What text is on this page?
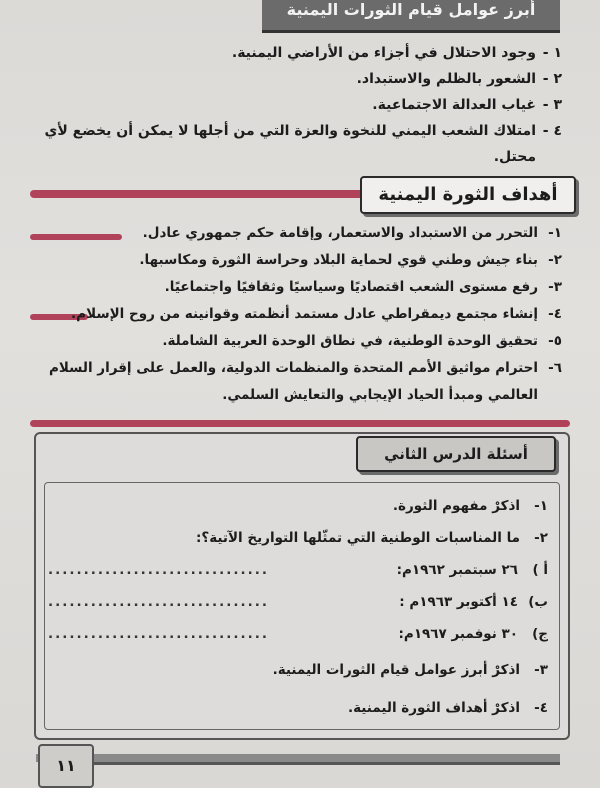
أبرز عوامل قيام الثورات اليمنية
١ -
وجود الاحتلال في أجزاء من الأراضي اليمنية.
٢ -
الشعور بالظلم والاستبداد.
٣ -
غياب العدالة الاجتماعية.
٤ -
امتلاك الشعب اليمني للنخوة والعزة التي من أجلها لا يمكن أن يخضع لأي محتل.
أهداف الثورة اليمنية
١-
التحرر من الاستبداد والاستعمار، وإقامة حكم جمهوري عادل.
٢-
بناء جيش وطني قوي لحماية البلاد وحراسة الثورة ومكاسبها.
٣-
رفع مستوى الشعب اقتصاديًا وسياسيًا وثقافيًا واجتماعيًا.
٤-
إنشاء مجتمع ديمقراطي عادل مستمد أنظمته وقوانينه من روح الإسلام.
٥-
تحقيق الوحدة الوطنية، في نطاق الوحدة العربية الشاملة.
٦-
احترام مواثيق الأمم المتحدة والمنظمات الدولية، والعمل على إقرار السلام العالمي ومبدأ الحياد الإيجابي والتعايش السلمي.
أسئلة الدرس الثاني
١-
اذكرْ مفهوم الثورة.
٢-
ما المناسبات الوطنية التي تمثّلها التواريخ الآتية؟:
أ )
٢٦ سبتمبر ١٩٦٢م:
...............................
ب)
١٤ أكتوبر ١٩٦٣م :
...............................
ج)
٣٠ نوفمبر ١٩٦٧م:
...............................
٣-
اذكرْ أبرز عوامل قيام الثورات اليمنية.
٤-
اذكرْ أهداف الثورة اليمنية.
١١
